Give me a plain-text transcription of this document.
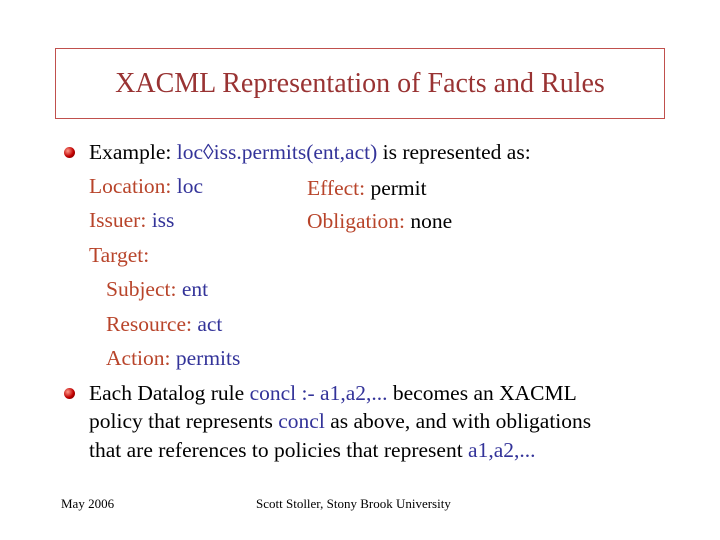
XACML Representation of Facts and Rules
Example: loc◊iss.permits(ent,act) is represented as:
Location: loc	Effect: permit
Issuer: iss	Obligation: none
Target:
Subject: ent
Resource: act
Action: permits
Each Datalog rule concl :- a1,a2,... becomes an XACML
policy that represents concl as above, and with obligations
that are references to policies that represent a1,a2,...
May 2006	Scott Stoller, Stony Brook University
